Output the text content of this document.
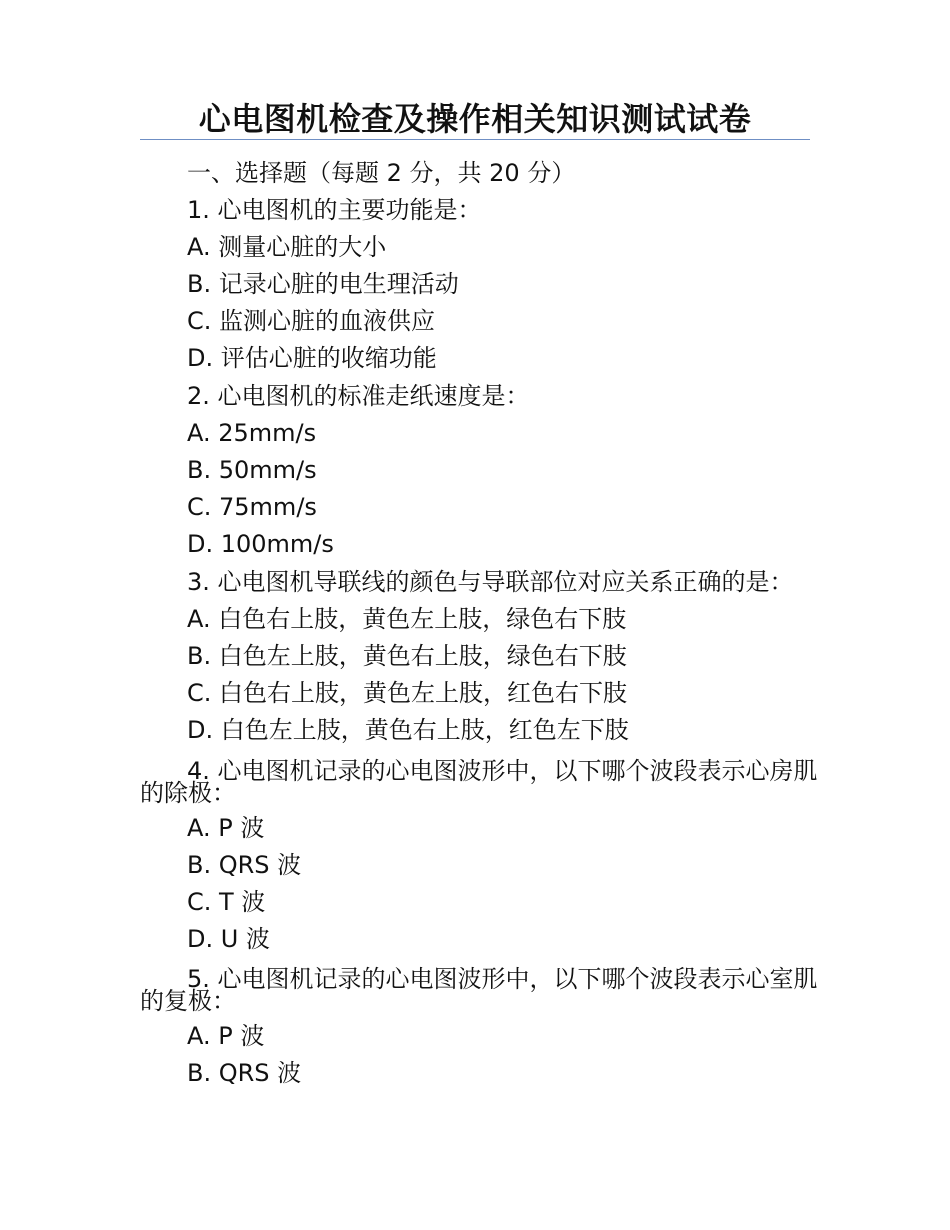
心电图机检查及操作相关知识测试试卷
一、选择题（每题 2 分，共 20 分）
1. 心电图机的主要功能是：
A. 测量心脏的大小
B. 记录心脏的电生理活动
C. 监测心脏的血液供应
D. 评估心脏的收缩功能
2. 心电图机的标准走纸速度是：
A. 25mm/s
B. 50mm/s
C. 75mm/s
D. 100mm/s
3. 心电图机导联线的颜色与导联部位对应关系正确的是：
A. 白色右上肢，黄色左上肢，绿色右下肢
B. 白色左上肢，黄色右上肢，绿色右下肢
C. 白色右上肢，黄色左上肢，红色右下肢
D. 白色左上肢，黄色右上肢，红色左下肢
4. 心电图机记录的心电图波形中，以下哪个波段表示心房肌的除极：
A. P 波
B. QRS 波
C. T 波
D. U 波
5. 心电图机记录的心电图波形中，以下哪个波段表示心室肌的复极：
A. P 波
B. QRS 波
